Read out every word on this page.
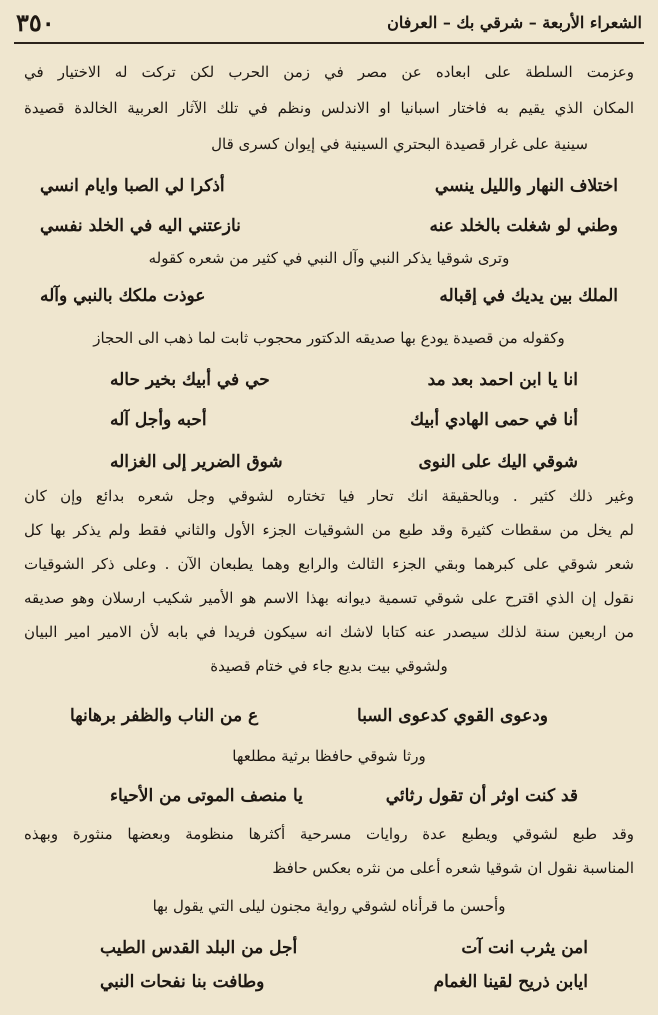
٣٥٠	الشعراء الأربعة – شرقي بك – العرفان
وعزمت السلطة على ابعاده عن مصر في زمن الحرب لكن تركت له الاختيار في
المكان الذي يقيم به فاختار اسبانيا او الاندلس ونظم في تلك الآثار العربية الخالدة قصيدة
سينية على غرار قصيدة البحتري السينية في إيوان كسرى قال
اختلاف النهار والليل ينسي
أذكرا لي الصبا وايام انسي
وطني لو شغلت بالخلد عنه
نازعتني اليه في الخلد نفسي
وترى شوقيا يذكر النبي وآل النبي في كثير من شعره كقوله
الملك بين يديك في إقباله
عوذت ملكك بالنبي وآله
وكقوله من قصيدة يودع بها صديقه الدكتور محجوب ثابت لما ذهب الى الحجاز
انا يا ابن احمد بعد مد
حي في أبيك بخير حاله
أنا في حمى الهادي أبيك
أحبه وأجل آله
شوقي اليك على النوى
شوق الضرير إلى الغزاله
وغير ذلك كثير . وبالحقيقة انك تحار فيا تختاره لشوقي وجل شعره بدائع وإن كان
لم يخل من سقطات كثيرة وقد طبع من الشوقيات الجزء الأول والثاني فقط ولم يذكر بها كل
شعر شوقي على كبرهما وبقي الجزء الثالث والرابع وهما يطبعان الآن . وعلى ذكر الشوقيات
نقول إن الذي اقترح على شوقي تسمية ديوانه بهذا الاسم هو الأمير شكيب ارسلان وهو صديقه
من اربعين سنة لذلك سيصدر عنه كتابا لاشك انه سيكون فريدا في بابه لأن الامير امير البيان
ولشوقي بيت بديع جاء في ختام قصيدة
ودعوى القوي كدعوى السبا
ع من الناب والظفر برهانها
ورثا شوقي حافظا برثية مطلعها
قد كنت اوثر أن تقول رثائي
يا منصف الموتى من الأحياء
وقد طبع لشوقي ويطبع عدة روايات مسرحية أكثرها منظومة وبعضها منثورة وبهذه
المناسبة نقول ان شوقيا شعره أعلى من نثره بعكس حافظ
وأحسن ما قرأناه لشوقي رواية مجنون ليلى التي يقول بها
امن يثرب انت آت
أجل من البلد القدس الطيب
ايابن ذريح لقينا الغمام
وطافت بنا نفحات النبي
